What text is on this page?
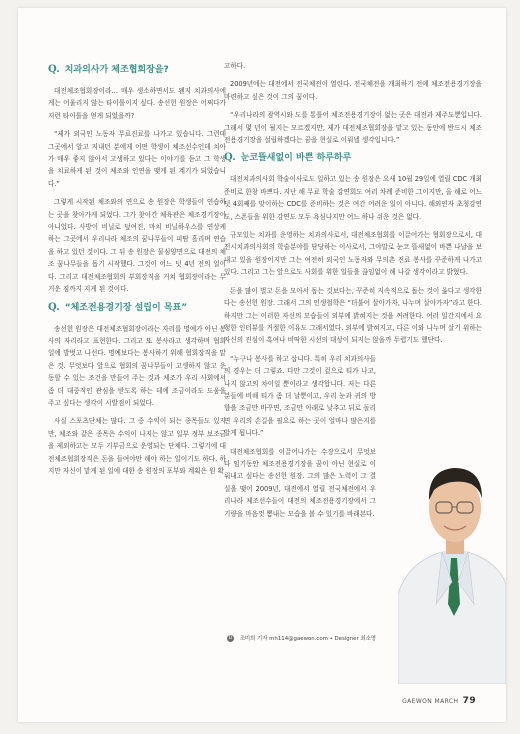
Q. 치과의사가 체조협회장을?

대전체조협회장이라… 매우 생소하면서도 왠지 치과의사에게는 어울리지 않는 타이틀이지 싶다. 송선헌 원장은 어쩌다가 저런 타이틀을 얻게 되었을까?

“제가 외국인 노동자 무료진료를 나가고 있습니다. 그런데 그곳에서 알고 지내던 분에게 어떤 학생이 체조선수인데 치아가 매우 좋지 않아서 고생하고 있다는 이야기를 듣고 그 학생을 치료하게 된 것이 체조와 인연을 맺게 된 계기가 되었습니다.”

그렇게 시작된 체조와의 연으로 송 원장은 학생들이 연습하는 곳을 찾아가게 되었다. 그가 찾아간 체육관은 체조경기장이 아니었다. 사방이 비닐로 덮여진, 마치 비닐하우스를 연상케 하는 그곳에서 우리나라 체조의 꿈나무들이 피땀 흘리며 연습을 하고 있던 것이다. 그 뒤 송 원장은 물심양면으로 대전의 체조 꿈나무들을 돕기 시작했다. 그것이 어느 덧 4년 전의 일이다. 그리고 대전체조협회의 부회장직을 거쳐 협회장이라는 무거운 짐까지 지게 된 것이다.

Q. “체조전용경기장 설립이 목표”

송선헌 원장은 대전체조협회장이라는 자리를 명예가 아닌 봉사의 자리라고 표현한다. 그리고 또 봉사라고 생각하며 협회 일에 발벗고 나선다. 명예보다는 봉사하기 위해 협회장직을 맡은 것. 무엇보다 앞으로 협회의 꿈나무들이 고생하지 않고 운동할 수 있는 조건을 만들어 주는 것과 체조가 우리 사회에서 좀 더 대중적인 관심을 받도록 하는 데에 조금이라도 도움을 주고 싶다는 생각이 시발점이 되었다.

사실 스포츠단체는 많다. 그 중 수익이 되는 종목들도 있지만, 체조와 같은 종목은 수익이 나지는 않고 일부 정부 보조금을 제외하고는 모두 기부금으로 운영되는 단체다. 그렇기에 대전체조협회장직은 돈을 들여야만 해야 하는 일이기도 하다. 하지만 자신이 맡게 된 일에 대한 송 원장의 포부와 계획은 원 확

고하다.

2009년에는 대전에서 전국체전이 열린다. 전국체전을 개최하기 전에 체조전용경기장을 마련하고 싶은 것이 그의 꿈이다.

“우리나라의 광역시와 도를 통틀어 체조전용경기장이 없는 곳은 대전과 제주도뿐입니다. 그래서 몇 년이 될지는 모르겠지만, 제가 대전체조협회장을 맡고 있는 동안에 반드시 체조전용경기장을 설립하겠다는 꿈을 현실로 이뤄낼 생각입니다.”

Q. 눈코뜰새없이 바쁜 하루하루

대전치과의사회 학술이사로도 일하고 있는 송 원장은 요새 10월 29일에 열릴 CDC 개최 준비로 한창 바쁘다. 지난 해 무료 학술 강연회도 여러 차례 준비한 그이지만, 올 해로 어느 덧 4회째를 맞이하는 CDC를 준비하는 것은 여간 어려운 일이 아니다. 해외연자 초청강연도, 스폰들을 위한 강연도 모두 욕심나지만 어느 하나 쉬운 것은 없다.

규모있는 치과를 운영하는 치과의사로서, 대전체조협회를 이끌어가는 협회장으로서, 대전시치과의사회의 학술분야를 담당하는 이사로서, 그야말로 눈코 뜰새없이 바쁜 나날을 보내고 있을 원장이지만 그는 여전히 외국인 노동자와 무의촌 진료 봉사를 꾸준하게 나가고 있다. 그리고 그는 앞으로도 사회를 위한 일들을 끊임없이 해 나갈 생각이라고 밝혔다.

돈을 많이 벌고 돈을 모아서 돕는 것보다는, 꾸준히 지속적으로 돕는 것이 옳다고 생각한다는 송선헌 원장. 그래서 그의 인생철학은 “더불어 살아가자, 나누며 살아가자”라고 한다. 하지만 그는 이러한 자신의 모습들이 외부에 밝혀지는 것을 꺼려한다. 여러 일간지에서 요청한 인터뷰를 거절한 이유도 그래서였다. 외부에 밝혀지고, 다른 이와 나누며 살기 위하는 자신의 진심이 혹여나 비딱한 시선의 대상이 되지는 않을까 두렵기도 했단다.

“누구나 봉사를 하고 삽니다. 특히 우리 치과의사들의 경우는 더 그렇죠. 다만 그것이 겉으로 티가 나고, 나지 않고의 차이일 뿐이라고 생각합니다. 저는 다른 분들에 비해 티가 좀 더 날뿐이고, 우리 눈과 귀의 방향을 조금만 바꾸면, 조금만 아래로 낮추고 뒤로 돌리면 우리의 손길을 필요로 하는 곳이 얼마나 많은지를 알게 됩니다.”

대전체조협회를 이끌어나가는 수장으로서 무엇보다 임기동안 체조전용경기장을 꿈이 아닌 현실로 이뤄내고 싶다는 송선헌 원장. 그의 많은 노력이 그 결실을 맺어 2009년, 대전에서 열릴 전국체전에서 우리나라 체조선수들이 대전의 체조전용경기장에서 그 기량을 마음껏 뽐내는 모습을 볼 수 있기를 바래본다.

D 조미희 기자 mh114@gaewon.com • Designer 최소영
GAEWON MARCH 79
